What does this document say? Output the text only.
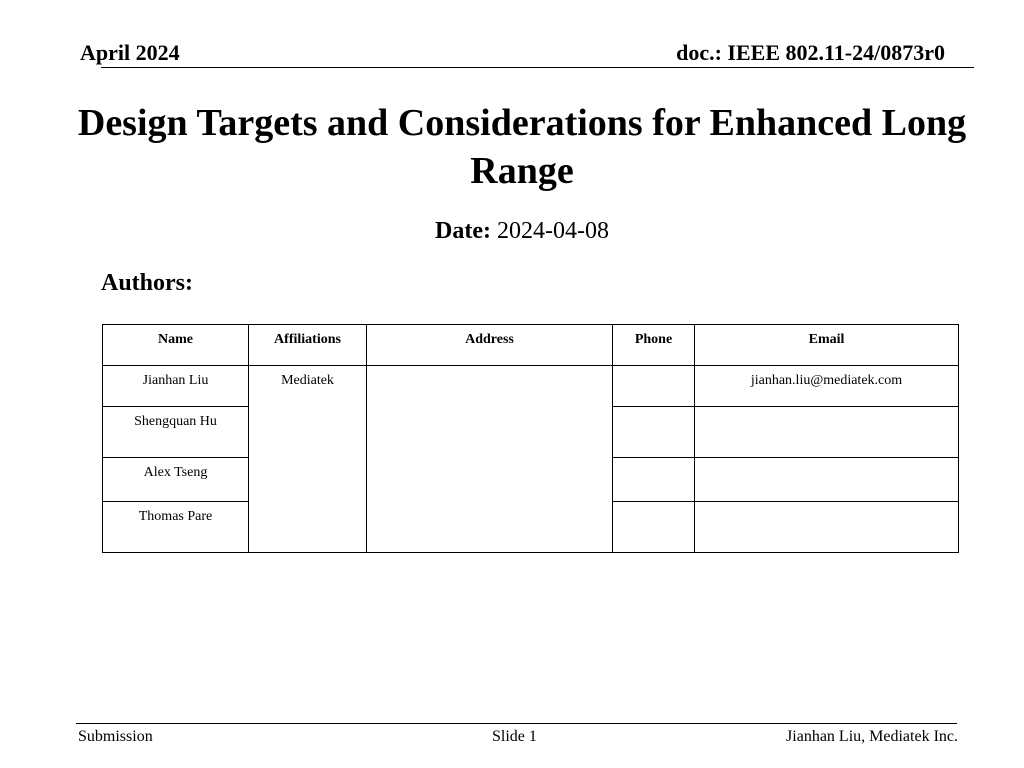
April 2024	doc.: IEEE 802.11-24/0873r0
Design Targets and Considerations for Enhanced Long
Range
Date: 2024-04-08
Authors:
Name	Affiliations	Address	Phone	Email
Jianhan Liu	Mediatek			jianhan.liu@mediatek.com
Shengquan Hu				
Alex Tseng				
Thomas Pare				
Submission	Slide 1	Jianhan Liu, Mediatek Inc.
